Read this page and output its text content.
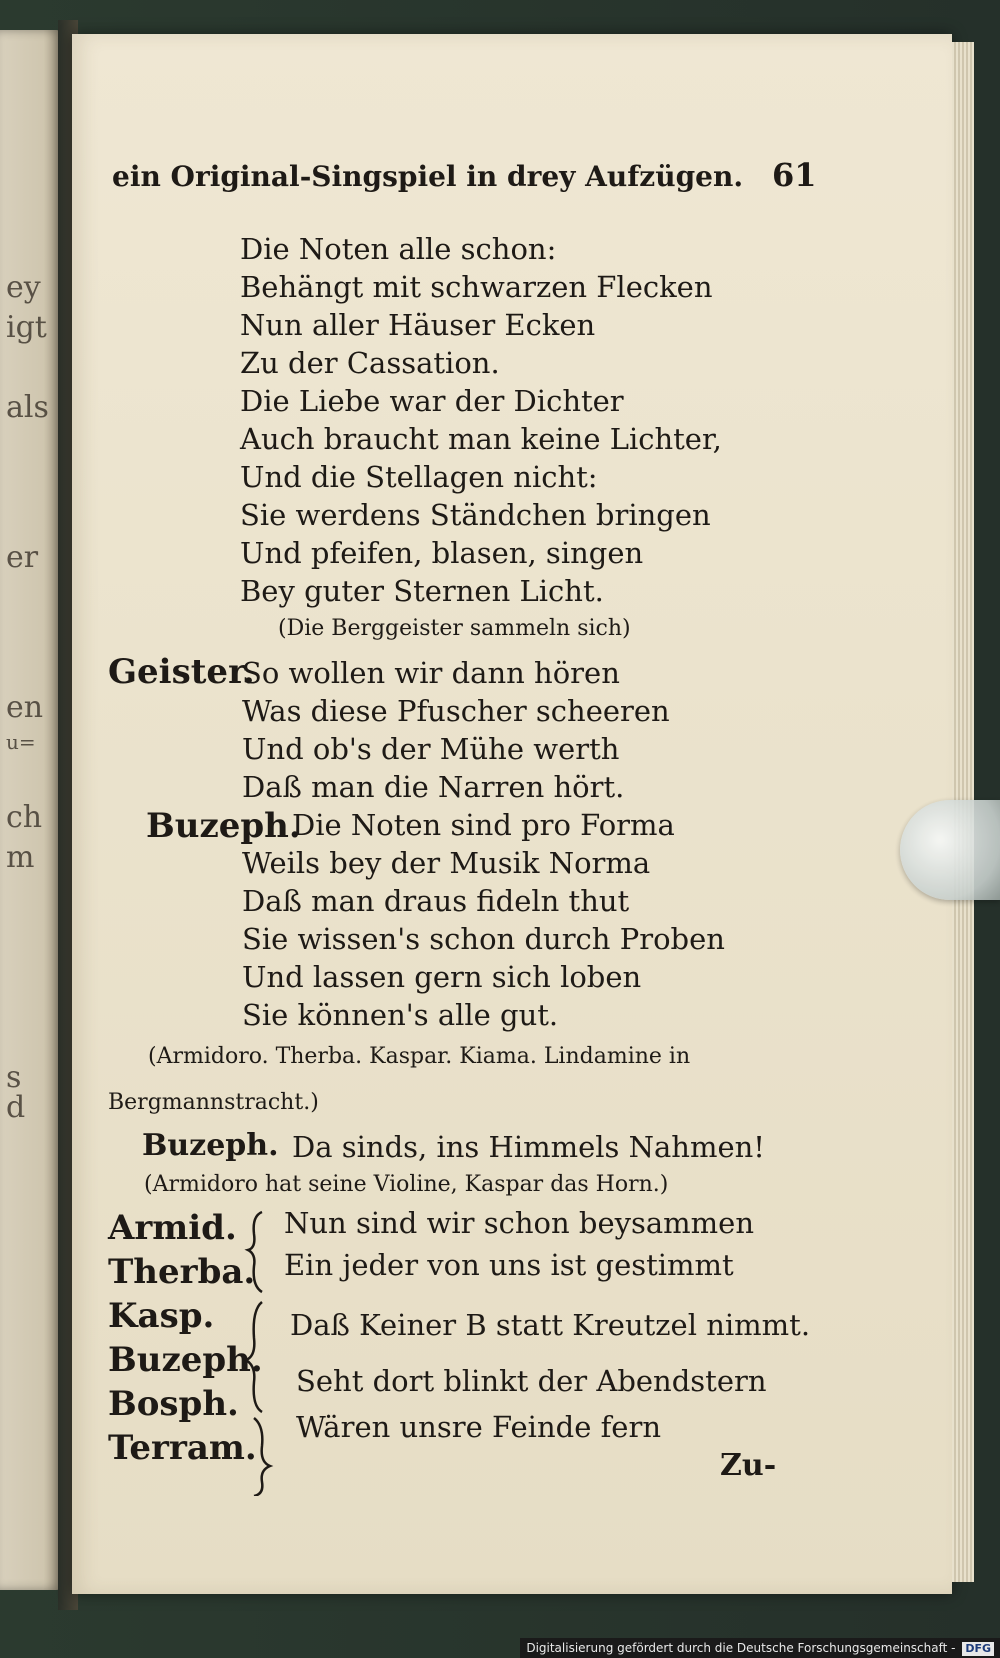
ey
igt
als
er
en
u=
ch
m
s
d
ein Original-Singspiel in drey Aufzügen. 61
Die Noten alle schon:
Behängt mit schwarzen Flecken
Nun aller Häuser Ecken
Zu der Cassation.
Die Liebe war der Dichter
Auch braucht man keine Lichter,
Und die Stellagen nicht:
Sie werdens Ständchen bringen
Und pfeifen, blasen, singen
Bey guter Sternen Licht.
(Die Berggeister sammeln sich)
Geister.
So wollen wir dann hören
Was diese Pfuscher scheeren
Und ob's der Mühe werth
Daß man die Narren hört.
Buzeph.
Die Noten sind pro Forma
Weils bey der Musik Norma
Daß man draus fideln thut
Sie wissen's schon durch Proben
Und lassen gern sich loben
Sie können's alle gut.
(Armidoro. Therba. Kaspar. Kiama. Lindamine in
Bergmannstracht.)
Buzeph. Da sinds, ins Himmels Nahmen!
(Armidoro hat seine Violine, Kaspar das Horn.)
Armid.
Therba.
Kasp.
Buzeph.
Bosph.
Terram.
Nun sind wir schon beysammen
Ein jeder von uns ist gestimmt
Daß Keiner B statt Kreutzel nimmt.
Seht dort blinkt der Abendstern
Wären unsre Feinde fern
Zu-
Digitalisierung gefördert durch die Deutsche Forschungsgemeinschaft - DFG
